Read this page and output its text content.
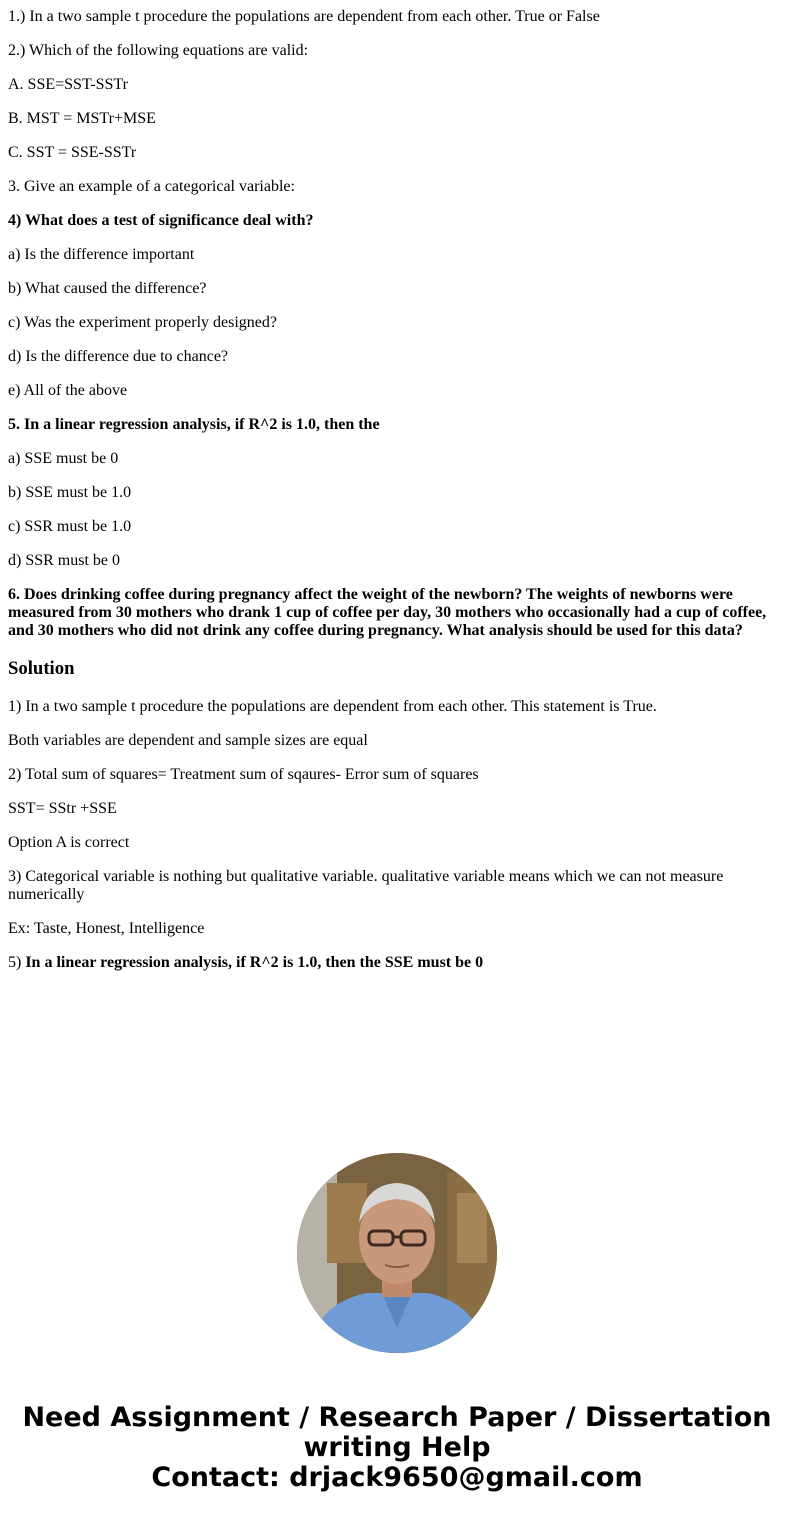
1.) In a two sample t procedure the populations are dependent from each other. True or False

2.) Which of the following equations are valid:

A. SSE=SST-SSTr

B. MST = MSTr+MSE

C. SST = SSE-SSTr

3. Give an example of a categorical variable:

4) What does a test of significance deal with?

a) Is the difference important

b) What caused the difference?

c) Was the experiment properly designed?

d) Is the difference due to chance?

e) All of the above

5. In a linear regression analysis, if R^2 is 1.0, then the

a) SSE must be 0

b) SSE must be 1.0

c) SSR must be 1.0

d) SSR must be 0

6. Does drinking coffee during pregnancy affect the weight of the newborn? The weights of newborns were measured from 30 mothers who drank 1 cup of coffee per day, 30 mothers who occasionally had a cup of coffee, and 30 mothers who did not drink any coffee during pregnancy. What analysis should be used for this data?

Solution

1) In a two sample t procedure the populations are dependent from each other. This statement is True.

Both variables are dependent and sample sizes are equal

2) Total sum of squares= Treatment sum of sqaures- Error sum of squares

SST= SStr +SSE

Option A is correct

3) Categorical variable is nothing but qualitative variable. qualitative variable means which we can not measure numerically

Ex: Taste, Honest, Intelligence

5) In a linear regression analysis, if R^2 is 1.0, then the SSE must be 0

Need Assignment / Research Paper / Dissertation writing Help
Contact: drjack9650@gmail.com
